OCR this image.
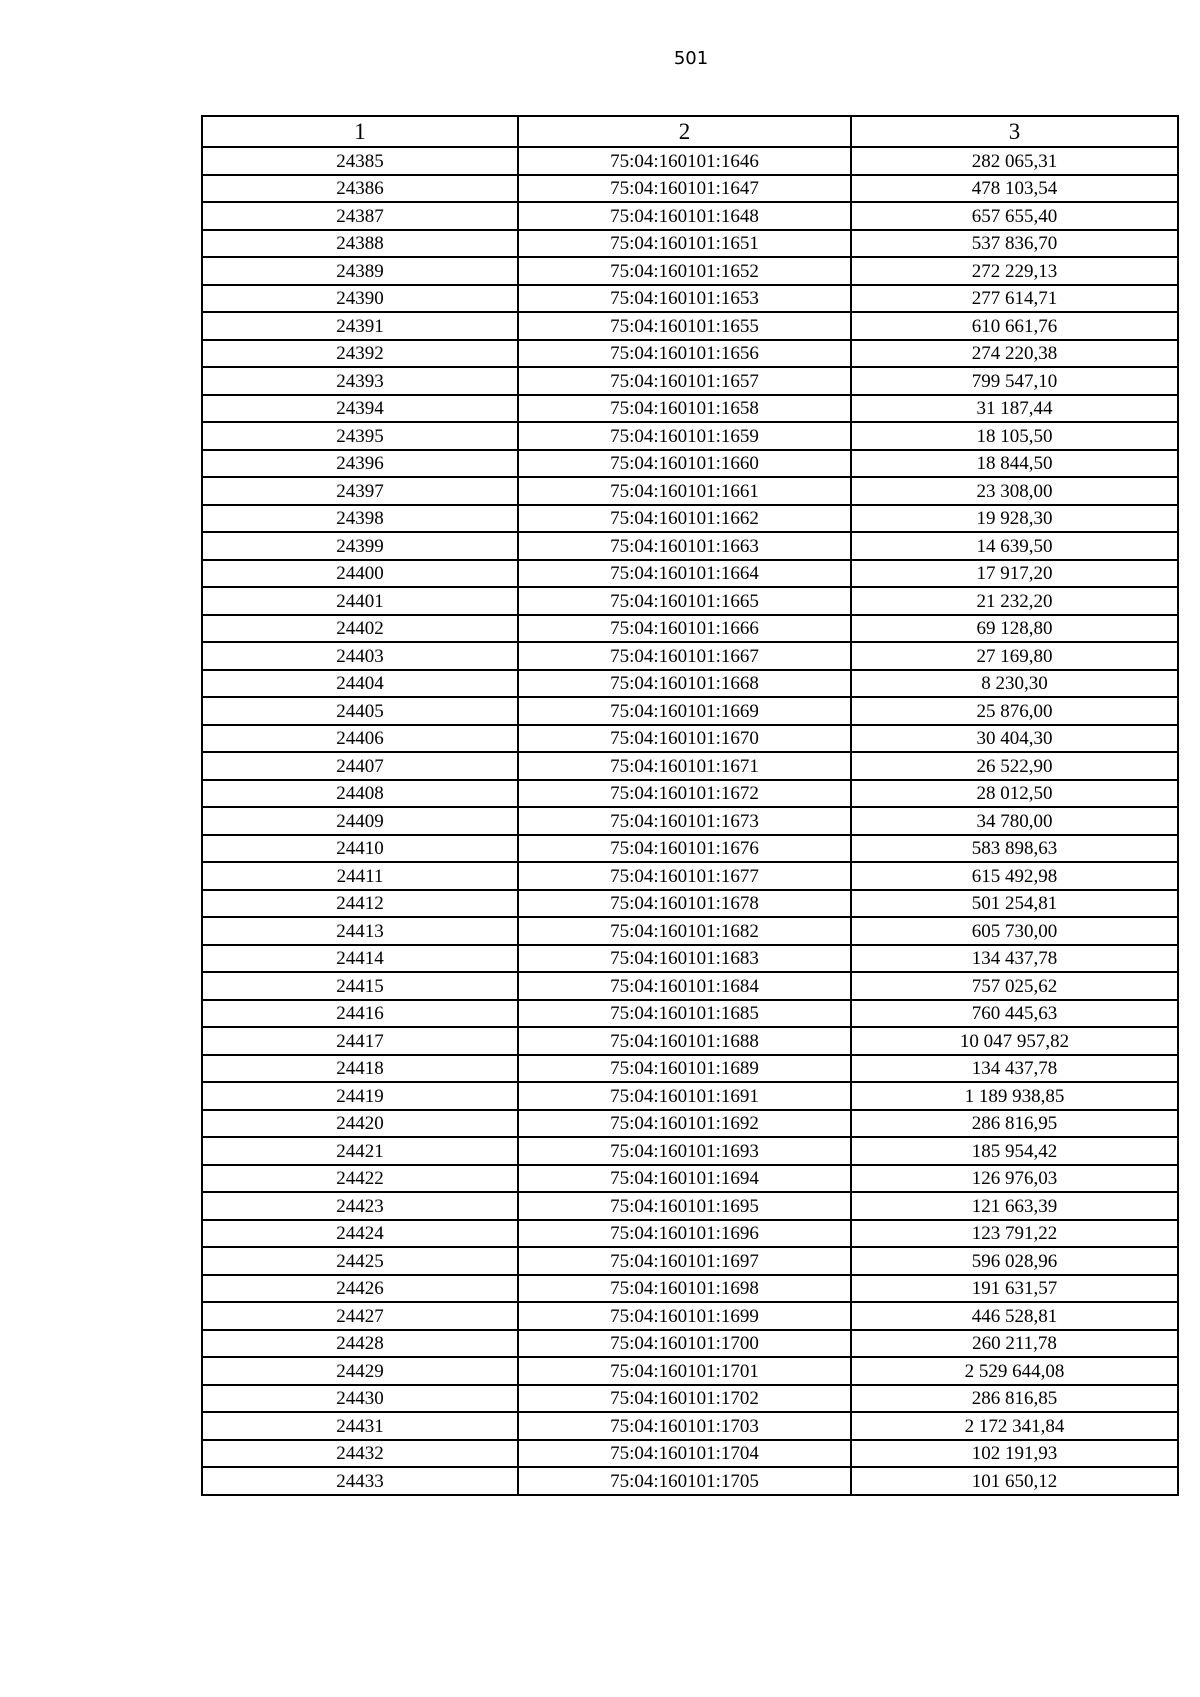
501
1	2	3
24385	75:04:160101:1646	282 065,31
24386	75:04:160101:1647	478 103,54
24387	75:04:160101:1648	657 655,40
24388	75:04:160101:1651	537 836,70
24389	75:04:160101:1652	272 229,13
24390	75:04:160101:1653	277 614,71
24391	75:04:160101:1655	610 661,76
24392	75:04:160101:1656	274 220,38
24393	75:04:160101:1657	799 547,10
24394	75:04:160101:1658	31 187,44
24395	75:04:160101:1659	18 105,50
24396	75:04:160101:1660	18 844,50
24397	75:04:160101:1661	23 308,00
24398	75:04:160101:1662	19 928,30
24399	75:04:160101:1663	14 639,50
24400	75:04:160101:1664	17 917,20
24401	75:04:160101:1665	21 232,20
24402	75:04:160101:1666	69 128,80
24403	75:04:160101:1667	27 169,80
24404	75:04:160101:1668	8 230,30
24405	75:04:160101:1669	25 876,00
24406	75:04:160101:1670	30 404,30
24407	75:04:160101:1671	26 522,90
24408	75:04:160101:1672	28 012,50
24409	75:04:160101:1673	34 780,00
24410	75:04:160101:1676	583 898,63
24411	75:04:160101:1677	615 492,98
24412	75:04:160101:1678	501 254,81
24413	75:04:160101:1682	605 730,00
24414	75:04:160101:1683	134 437,78
24415	75:04:160101:1684	757 025,62
24416	75:04:160101:1685	760 445,63
24417	75:04:160101:1688	10 047 957,82
24418	75:04:160101:1689	134 437,78
24419	75:04:160101:1691	1 189 938,85
24420	75:04:160101:1692	286 816,95
24421	75:04:160101:1693	185 954,42
24422	75:04:160101:1694	126 976,03
24423	75:04:160101:1695	121 663,39
24424	75:04:160101:1696	123 791,22
24425	75:04:160101:1697	596 028,96
24426	75:04:160101:1698	191 631,57
24427	75:04:160101:1699	446 528,81
24428	75:04:160101:1700	260 211,78
24429	75:04:160101:1701	2 529 644,08
24430	75:04:160101:1702	286 816,85
24431	75:04:160101:1703	2 172 341,84
24432	75:04:160101:1704	102 191,93
24433	75:04:160101:1705	101 650,12
